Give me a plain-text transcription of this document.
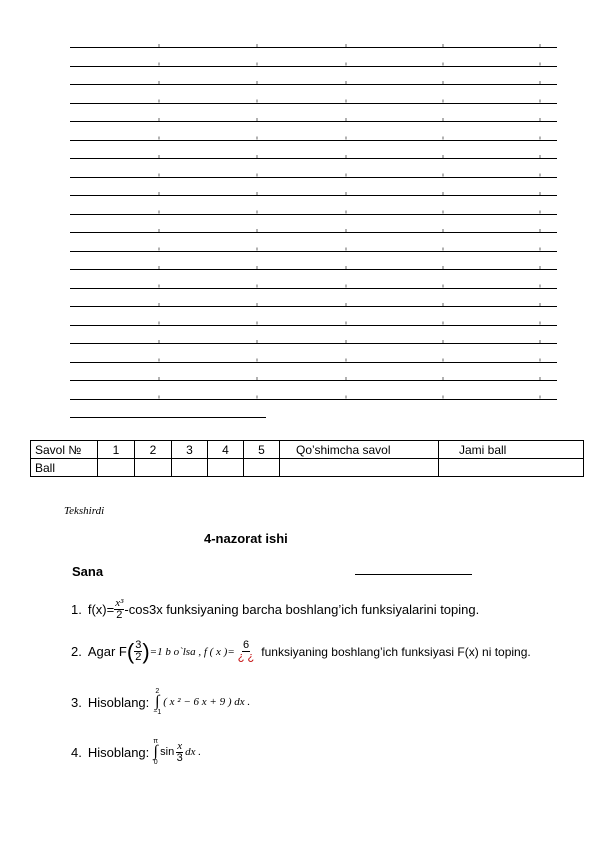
Savol №	1	2	3	4	5	Qo’shimcha savol	Jami ball
Ball							
Tekshirdi
4-nazorat ishi
Sana
1. $f(x)= \frac{\text{x³}}{2} -\cos 3x$ funksiyaning barcha boshlang’ich funksiyalarini toping.
2. Agar F ( $\frac{3}{2}$ ) =1 b o`lsa , f ( x )= $\frac{6}{¿ ¿}$ funksiyaning boshlang’ich funksiyasi F(x) ni toping.
3. Hisoblang:
2
∫
−1
( x ² − 6 x + 9 ) dx .
4. Hisoblang:
π
∫
0
$\sin \frac{x}{3}$ dx .
